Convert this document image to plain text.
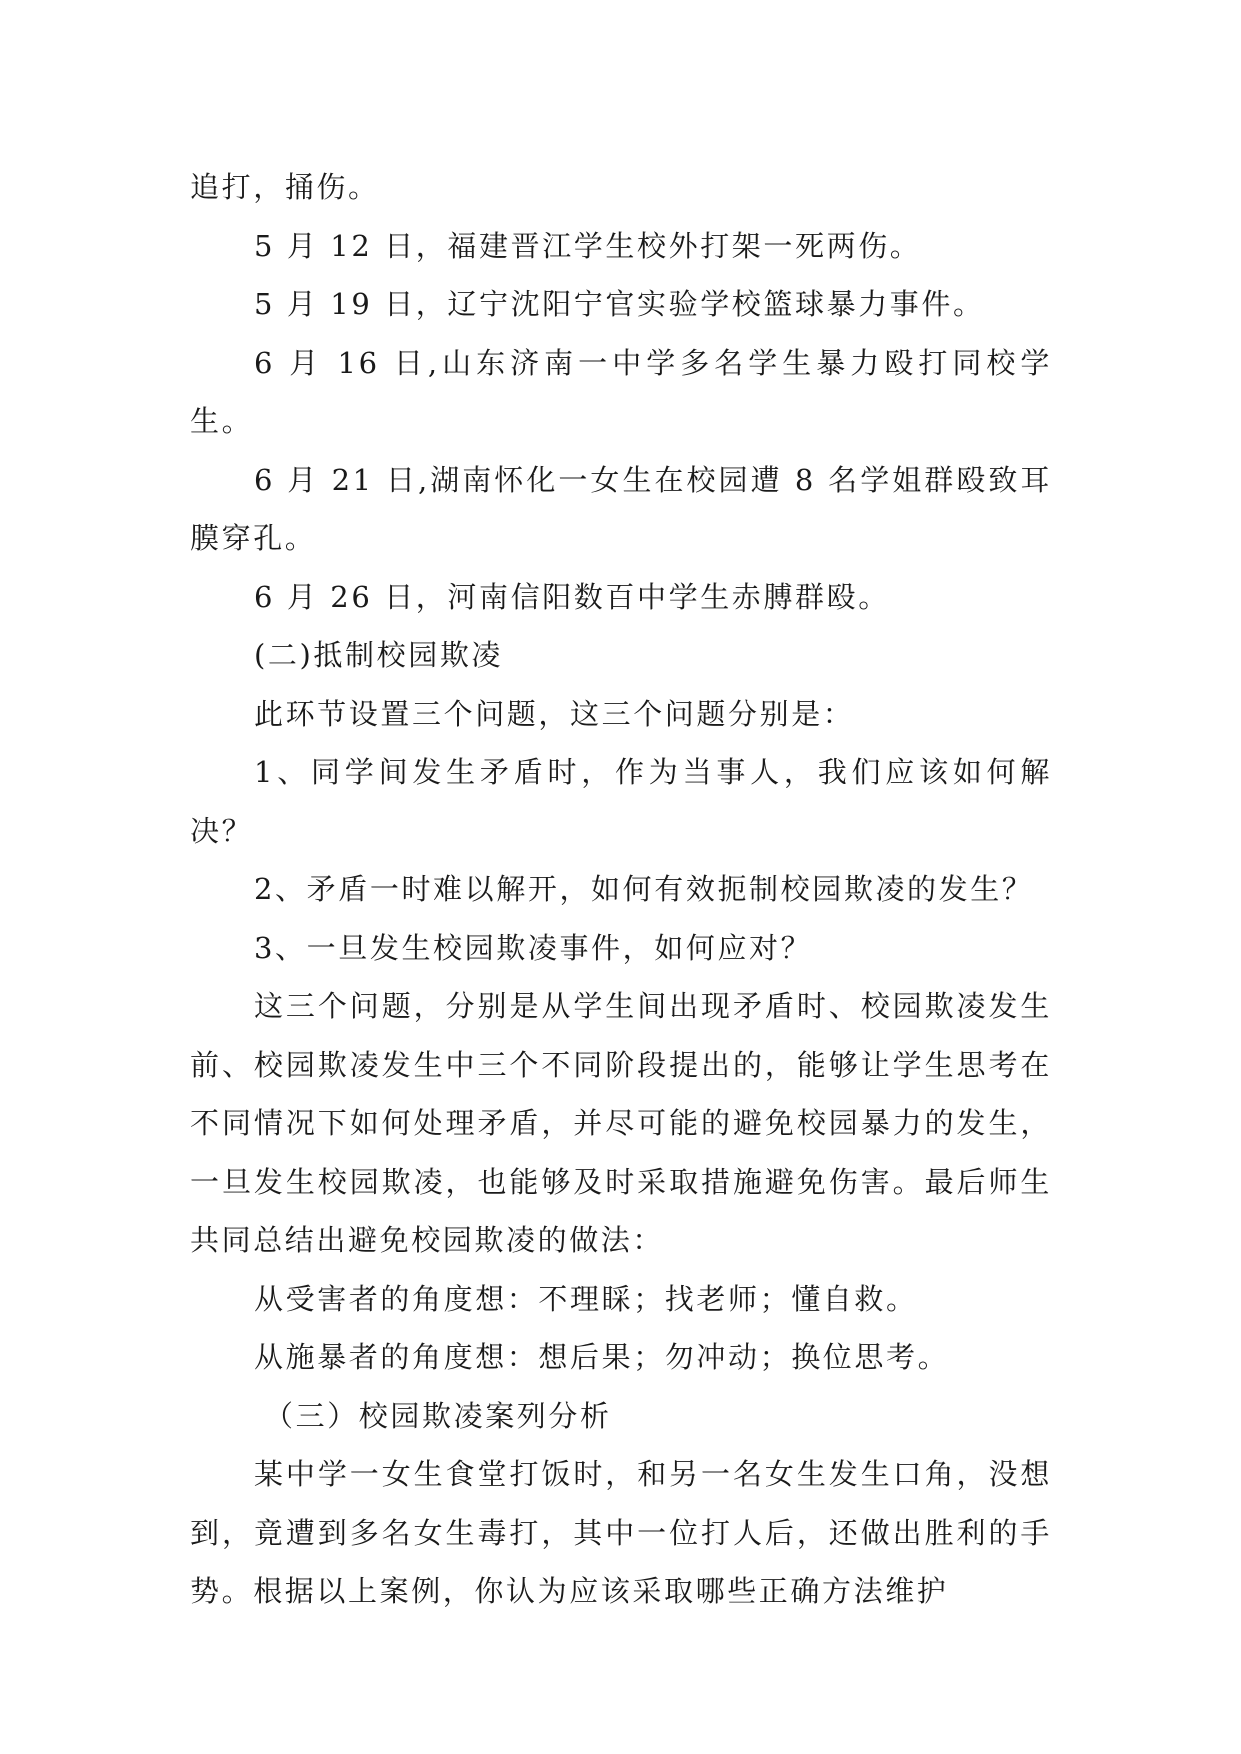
追打，捅伤。

5 月 12 日，福建晋江学生校外打架一死两伤。

5 月 19 日，辽宁沈阳宁官实验学校篮球暴力事件。

6 月 16 日,山东济南一中学多名学生暴力殴打同校学生。

6 月 21 日,湖南怀化一女生在校园遭 8 名学姐群殴致耳膜穿孔。

6 月 26 日，河南信阳数百中学生赤膊群殴。

(二)抵制校园欺凌

此环节设置三个问题，这三个问题分别是：

1、同学间发生矛盾时，作为当事人，我们应该如何解决？

2、矛盾一时难以解开，如何有效扼制校园欺凌的发生？

3、一旦发生校园欺凌事件，如何应对？

这三个问题，分别是从学生间出现矛盾时、校园欺凌发生前、校园欺凌发生中三个不同阶段提出的，能够让学生思考在不同情况下如何处理矛盾，并尽可能的避免校园暴力的发生，一旦发生校园欺凌，也能够及时采取措施避免伤害。最后师生共同总结出避免校园欺凌的做法：

从受害者的角度想：不理睬；找老师；懂自救。

从施暴者的角度想：想后果；勿冲动；换位思考。

（三）校园欺凌案列分析

某中学一女生食堂打饭时，和另一名女生发生口角，没想到，竟遭到多名女生毒打，其中一位打人后，还做出胜利的手势。根据以上案例，你认为应该采取哪些正确方法维护
